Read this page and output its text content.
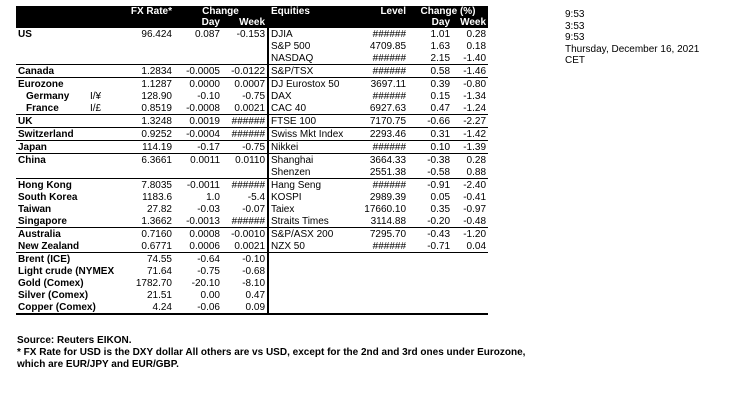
9:53
3:53
9:53
Thursday, December 16, 2021
CET
		FX Rate*	Change		Equities	Level	Change (%)	
			Day	Week			Day	Week
US		96.424	0.087	-0.153	DJIA	######	1.01	0.28
					S&P 500	4709.85	1.63	0.18
					NASDAQ	######	2.15	-1.40
Canada		1.2834	-0.0005	-0.0122	S&P/TSX	######	0.58	-1.46
Eurozone		1.1287	0.0000	0.0007	DJ Eurostox 50	3697.11	0.39	-0.80
Germany	I/¥	128.90	-0.10	-0.75	DAX	######	0.15	-1.34
France	I/£	0.8519	-0.0008	0.0021	CAC 40	6927.63	0.47	-1.24
UK		1.3248	0.0019	######	FTSE 100	7170.75	-0.66	-2.27
Switzerland		0.9252	-0.0004	######	Swiss Mkt Index	2293.46	0.31	-1.42
Japan		114.19	-0.17	-0.75	Nikkei	######	0.10	-1.39
China		6.3661	0.0011	0.0110	Shanghai	3664.33	-0.38	0.28
					Shenzen	2551.38	-0.58	0.88
Hong Kong		7.8035	-0.0011	######	Hang Seng	######	-0.91	-2.40
South Korea		1183.6	1.0	-5.4	KOSPI	2989.39	0.05	-0.41
Taiwan		27.82	-0.03	-0.07	Taiex	17660.10	0.35	-0.97
Singapore		1.3662	-0.0013	######	Straits Times	3114.88	-0.20	-0.48
Australia		0.7160	0.0008	-0.0010	S&P/ASX 200	7295.70	-0.43	-1.20
New Zealand		0.6771	0.0006	0.0021	NZX 50	######	-0.71	0.04
Brent (ICE)		74.55	-0.64	-0.10				
Light crude (NYMEX		71.64	-0.75	-0.68				
Gold (Comex)		1782.70	-20.10	-8.10				
Silver (Comex)		21.51	0.00	0.47				
Copper (Comex)		4.24	-0.06	0.09				
Source: Reuters EIKON.
* FX Rate for USD is the DXY dollar All others are vs USD, except for the 2nd and 3rd ones under Eurozone,
which are EUR/JPY and EUR/GBP.
